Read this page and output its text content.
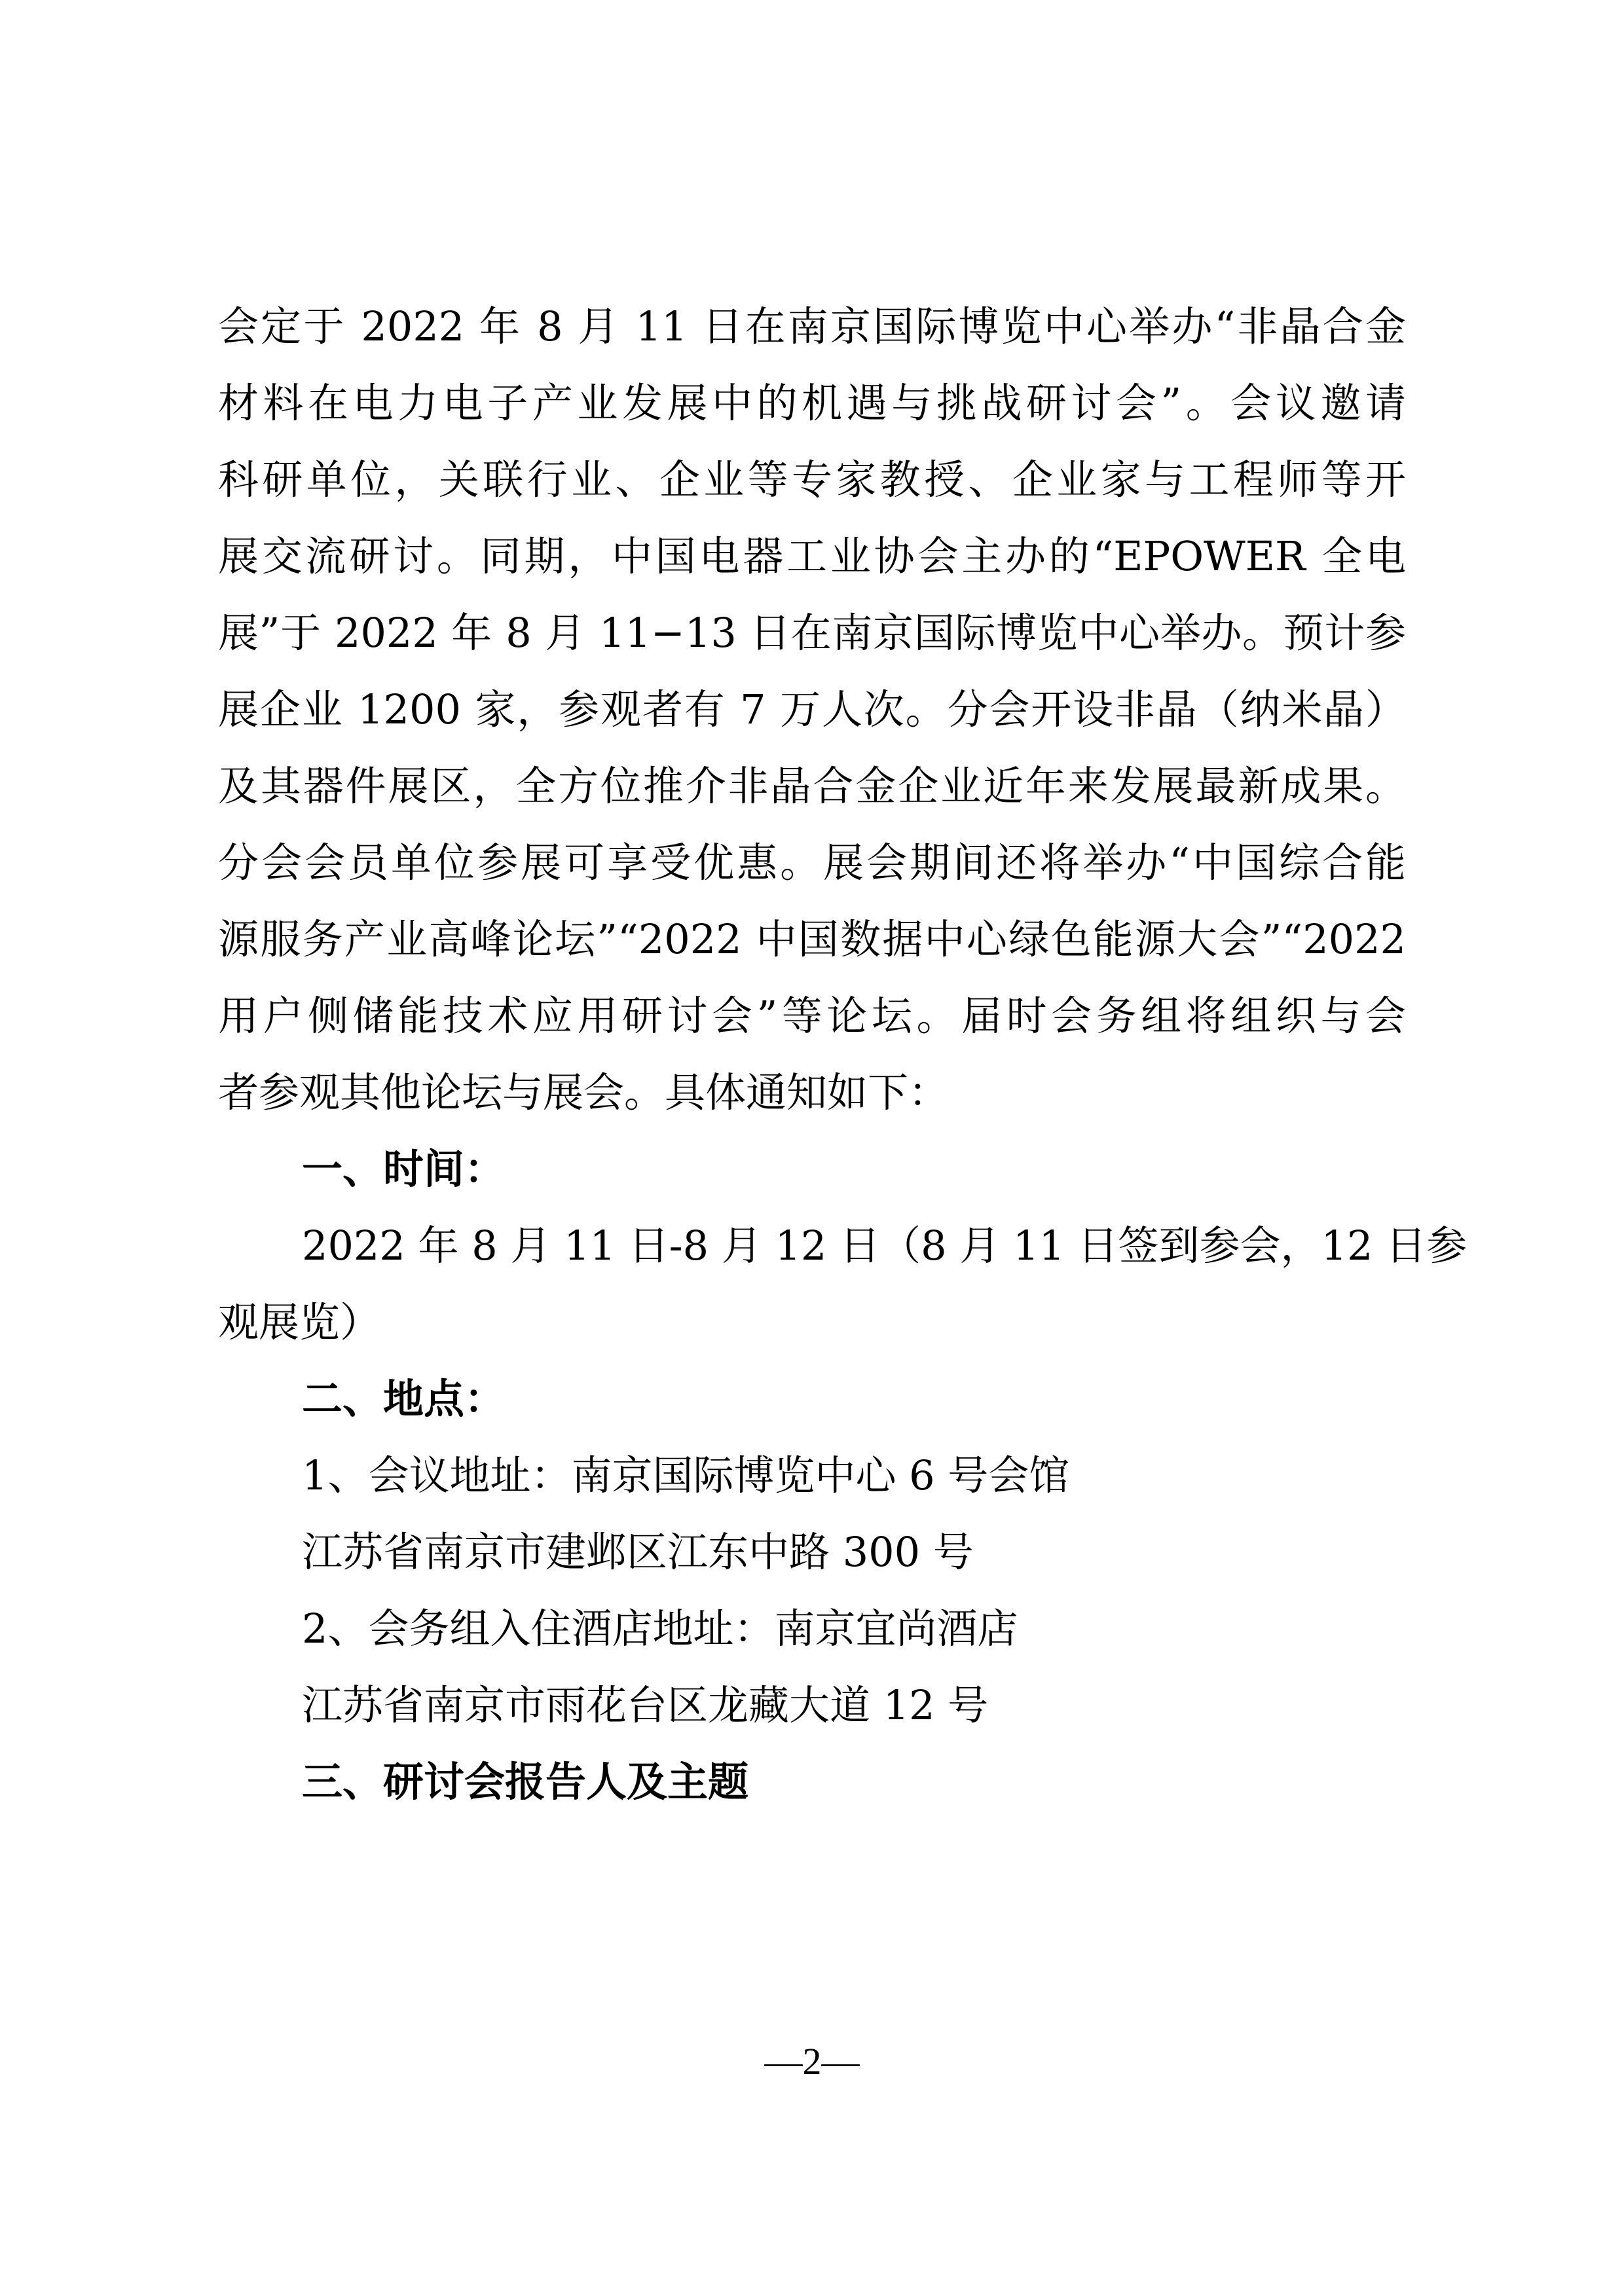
会定于 2022 年 8 月 11 日在南京国际博览中心举办“非晶合金
材料在电力电子产业发展中的机遇与挑战研讨会”。会议邀请
科研单位，关联行业、企业等专家教授、企业家与工程师等开
展交流研讨。同期，中国电器工业协会主办的“EPOWER 全电
展”于 2022 年 8 月 11−13 日在南京国际博览中心举办。预计参
展企业 1200 家，参观者有 7 万人次。分会开设非晶（纳米晶）
及其器件展区，全方位推介非晶合金企业近年来发展最新成果。
分会会员单位参展可享受优惠。展会期间还将举办“中国综合能
源服务产业高峰论坛”“2022 中国数据中心绿色能源大会”“2022
用户侧储能技术应用研讨会”等论坛。届时会务组将组织与会
者参观其他论坛与展会。具体通知如下：
一、时间：
2022 年 8 月 11 日-8 月 12 日（8 月 11 日签到参会，12 日参
观展览）
二、地点：
1、会议地址：南京国际博览中心 6 号会馆
江苏省南京市建邺区江东中路 300 号
2、会务组入住酒店地址：南京宜尚酒店
江苏省南京市雨花台区龙藏大道 12 号
三、研讨会报告人及主题
—2—
